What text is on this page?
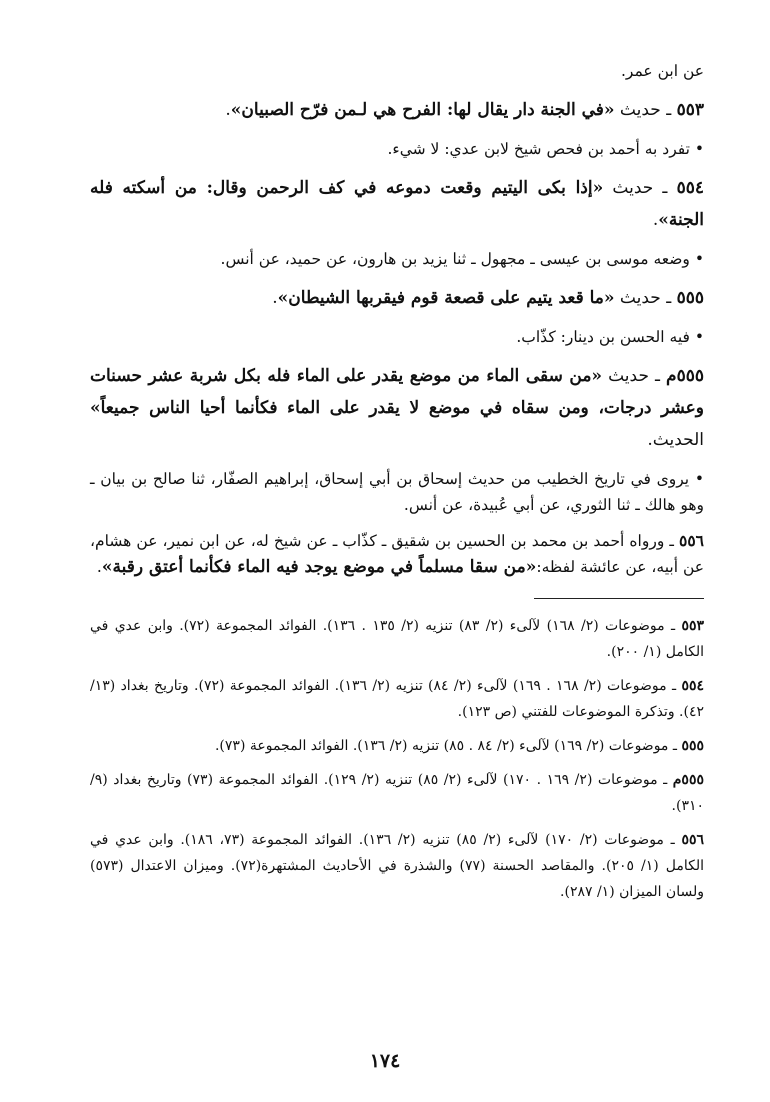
عن ابن عمر.

٥٥٣ ـ حديث «في الجنة دار يقال لها: الفرح هي لـمن فرّح الصبيان».

• تفرد به أحمد بن فحص شيخ لابن عدي: لا شيء.

٥٥٤ ـ حديث «إذا بكى اليتيم وقعت دموعه في كف الرحمن وقال: من أسكته فله الجنة».

• وضعه موسى بن عيسى ـ مجهول ـ ثنا يزيد بن هارون، عن حميد، عن أنس.

٥٥٥ ـ حديث «ما قعد يتيم على قصعة قوم فيقربها الشيطان».

• فيه الحسن بن دينار: كذّاب.

٥٥٥م ـ حديث «من سقى الماء من موضع يقدر على الماء فله بكل شربة عشر حسنات وعشر درجات، ومن سقاه في موضع لا يقدر على الماء فكأنما أحيا الناس جميعاً» الحديث.

• يروى في تاريخ الخطيب من حديث إسحاق بن أبي إسحاق، إبراهيم الصفّار، ثنا صالح بن بيان ـ وهو هالك ـ ثنا الثوري، عن أبي عُبيدة، عن أنس.

٥٥٦ ـ ورواه أحمد بن محمد بن الحسين بن شقيق ـ كذّاب ـ عن شيخ له، عن ابن نمير، عن هشام، عن أبيه، عن عائشة لفظه:«من سقا مسلماً في موضع يوجد فيه الماء فكأنما أعتق رقبة».

٥٥٣ ـ موضوعات (٢/ ١٦٨) لآلىء (٢/ ٨٣) تنزيه (٢/ ١٣٥ . ١٣٦). الفوائد المجموعة (٧٢). وابن عدي في الكامل (١/ ٢٠٠).

٥٥٤ ـ موضوعات (٢/ ١٦٨ . ١٦٩) لآلىء (٢/ ٨٤) تنزيه (٢/ ١٣٦). الفوائد المجموعة (٧٢). وتاريخ بغداد (١٣/ ٤٢). وتذكرة الموضوعات للفتني (ص ١٢٣).

٥٥٥ ـ موضوعات (٢/ ١٦٩) لآلىء (٢/ ٨٤ . ٨٥) تنزيه (٢/ ١٣٦). الفوائد المجموعة (٧٣).

٥٥٥م ـ موضوعات (٢/ ١٦٩ . ١٧٠) لآلىء (٢/ ٨٥) تنزيه (٢/ ١٢٩). الفوائد المجموعة (٧٣) وتاريخ بغداد (٩/ ٣١٠).

٥٥٦ ـ موضوعات (٢/ ١٧٠) لآلىء (٢/ ٨٥) تنزيه (٢/ ١٣٦). الفوائد المجموعة (٧٣، ١٨٦). وابن عدي في الكامل (١/ ٢٠٥). والمقاصد الحسنة (٧٧) والشذرة في الأحاديث المشتهرة(٧٢). وميزان الاعتدال (٥٧٣) ولسان الميزان (١/ ٢٨٧).

١٧٤
